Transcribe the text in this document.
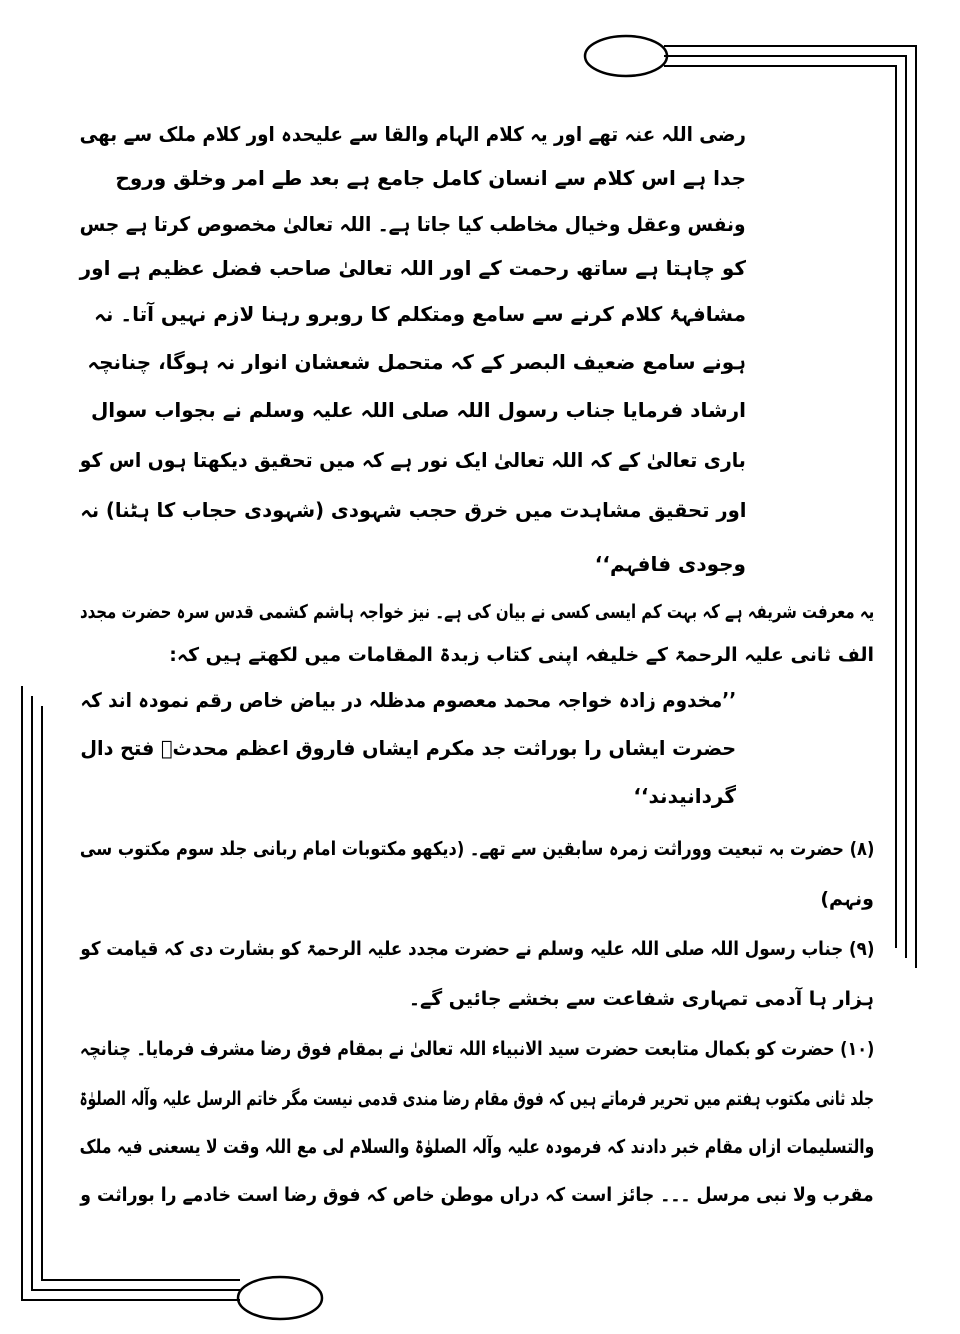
رضی اللہ عنہ تھے اور یہ کلام الہام والقا سے علیحدہ اور کلام ملک سے بھی
جدا ہے اس کلام سے انسان کامل جامع ہے بعد طے امر وخلق وروح
ونفس وعقل وخیال مخاطب کیا جاتا ہے۔ اللہ تعالیٰ مخصوص کرتا ہے جس
کو چاہتا ہے ساتھ رحمت کے اور اللہ تعالیٰ صاحب فضل عظیم ہے اور
مشافہۂ کلام کرنے سے سامع ومتکلم کا روبرو رہنا لازم نہیں آتا۔ نہ
ہونے سامع ضعیف البصر کے کہ متحمل شعشان انوار نہ ہوگا، چنانچہ
ارشاد فرمایا جناب رسول اللہ صلی اللہ علیہ وسلم نے بجواب سوال
باری تعالیٰ کے کہ اللہ تعالیٰ ایک نور ہے کہ میں تحقیق دیکھتا ہوں اس کو
اور تحقیق مشاہدت میں خرق حجب شہودی (شہودی حجاب کا ہٹنا) نہ
وجودی فافہم‘‘
یہ معرفت شریفہ ہے کہ بہت کم ایسی کسی نے بیان کی ہے۔ نیز خواجہ ہاشم کشمی قدس سرہ حضرت مجدد
الف ثانی علیہ الرحمۃ کے خلیفہ اپنی کتاب زبدۃ المقامات میں لکھتے ہیں کہ:
’’مخدوم زادہ خواجہ محمد معصوم مدظلہ در بیاض خاص رقم نمودہ اند کہ
حضرت ایشاں را بوراثت جد مکرم ایشاں فاروق اعظم محدثؓ فتح دال
گردانیدند‘‘
(۸) حضرت بہ تبعیت ووراثت زمرہ سابقین سے تھے۔ (دیکھو مکتوبات امام ربانی جلد سوم مکتوب سی
ونہم)
(۹) جناب رسول اللہ صلی اللہ علیہ وسلم نے حضرت مجدد علیہ الرحمۃ کو بشارت دی کہ قیامت کو
ہزار ہا آدمی تمہاری شفاعت سے بخشے جائیں گے۔
(۱۰) حضرت کو بکمال متابعت حضرت سید الانبیاء اللہ تعالیٰ نے بمقام فوق رضا مشرف فرمایا۔ چنانچہ
جلد ثانی مکتوب ہفتم میں تحریر فرماتے ہیں کہ فوق مقام رضا مندی قدمی نیست مگر خاتم الرسل علیہ وآلہ الصلوٰۃ
والتسلیمات ازاں مقام خبر دادند کہ فرمودہ علیہ وآلہ الصلوٰۃ والسلام لی مع اللہ وقت لا یسعنی فیہ ملک
مقرب ولا نبی مرسل ۔۔۔ جائز است کہ دراں موطن خاص کہ فوق رضا است خادمے را بوراثت و
